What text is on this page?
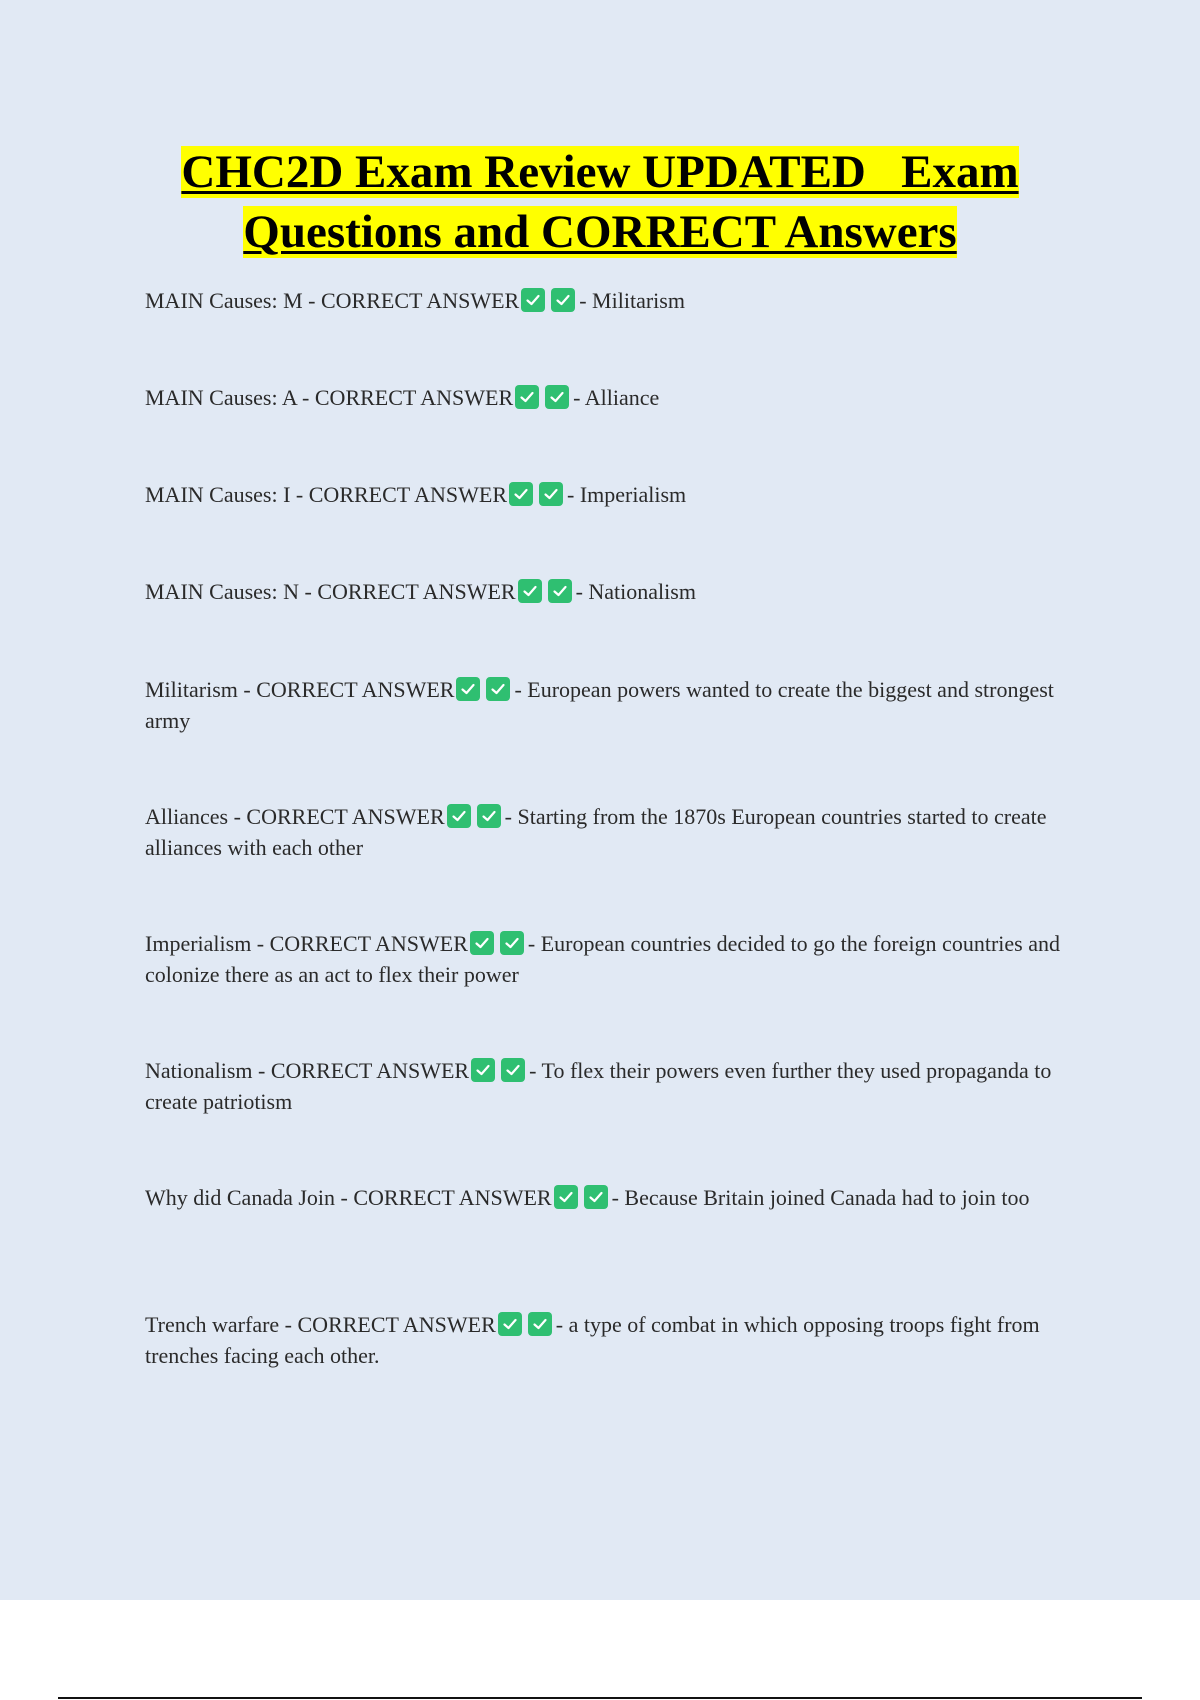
CHC2D Exam Review UPDATED   Exam
Questions and CORRECT Answers
MAIN Causes: M - CORRECT ANSWER	- Militarism
MAIN Causes: A - CORRECT ANSWER	- Alliance
MAIN Causes: I - CORRECT ANSWER	- Imperialism
MAIN Causes: N - CORRECT ANSWER	- Nationalism
Militarism - CORRECT ANSWER	- European powers wanted to create the biggest and strongest army
Alliances - CORRECT ANSWER	- Starting from the 1870s European countries started to create alliances with each other
Imperialism - CORRECT ANSWER	- European countries decided to go the foreign countries and colonize there as an act to flex their power
Nationalism - CORRECT ANSWER	- To flex their powers even further they used propaganda to create patriotism
Why did Canada Join - CORRECT ANSWER	- Because Britain joined Canada had to join too
Trench warfare - CORRECT ANSWER	- a type of combat in which opposing troops fight from trenches facing each other.
